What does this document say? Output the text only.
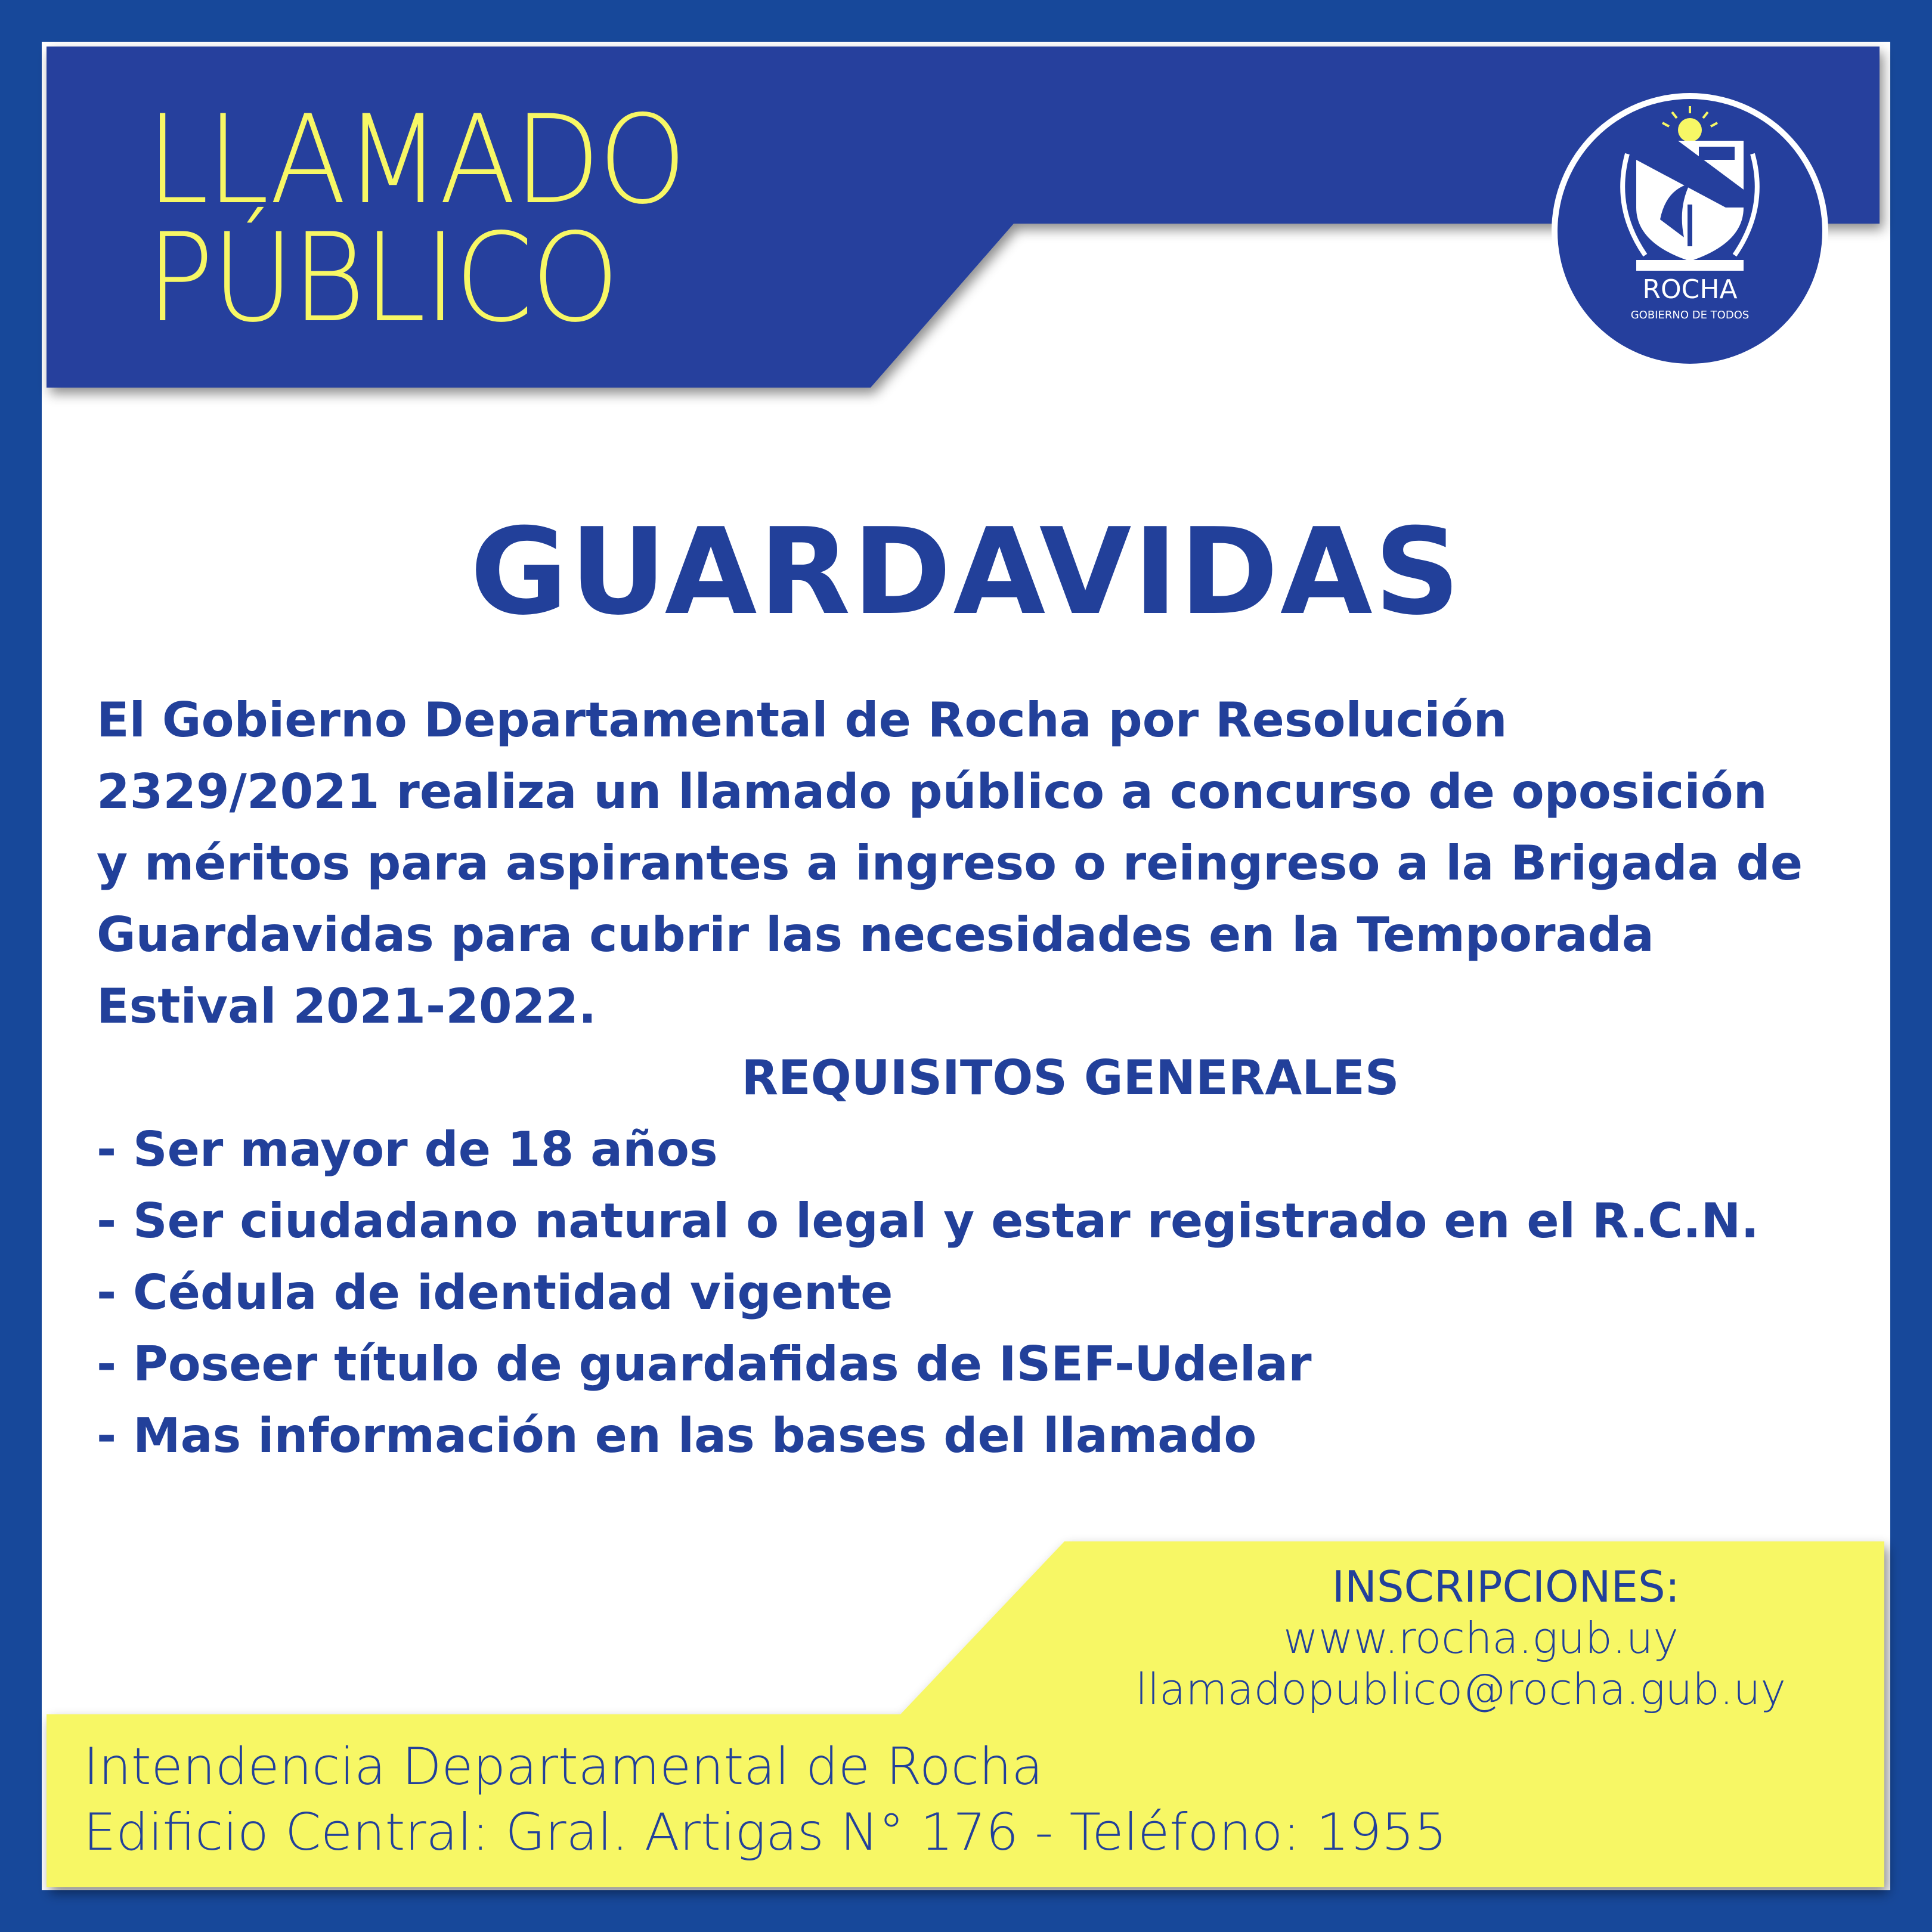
LLAMADO
PÚBLICO	ROCHA
GOBIERNO DE TODOS
GUARDAVIDAS
El Gobierno Departamental de Rocha por Resolución
2329/2021 realiza un llamado público a concurso de oposición
y méritos para aspirantes a ingreso o reingreso a la Brigada de
Guardavidas para cubrir las necesidades en la Temporada
Estival 2021-2022.
REQUISITOS GENERALES
- Ser mayor de 18 años
- Ser ciudadano natural o legal y estar registrado en el R.C.N.
- Cédula de identidad vigente
- Poseer título de guardafidas de ISEF-Udelar
- Mas información en las bases del llamado
INSCRIPCIONES:
www.rocha.gub.uy
llamadopublico@rocha.gub.uy
Intendencia Departamental de Rocha
Edificio Central: Gral. Artigas N° 176 - Teléfono: 1955
